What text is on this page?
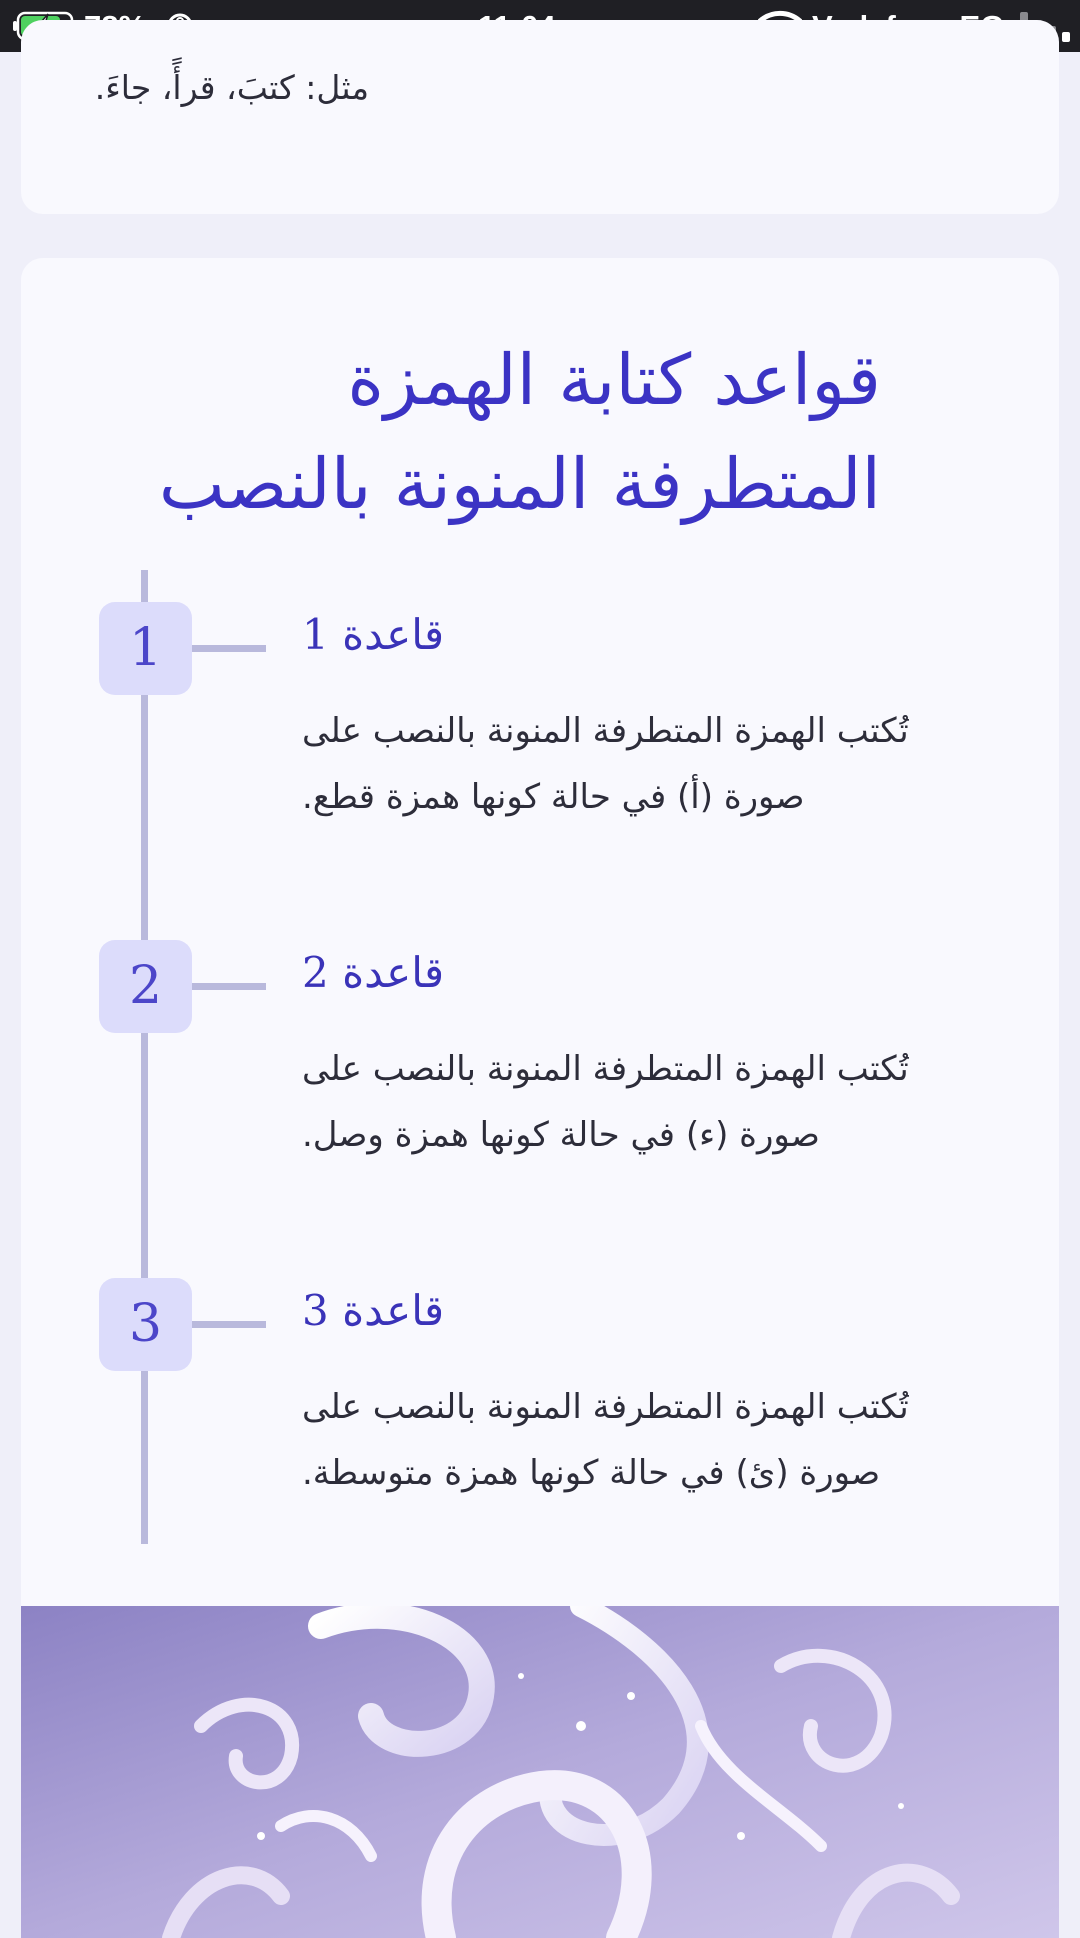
مثل: كتبَ، قرأً، جاءَ.
قواعد كتابة الهمزة المتطرفة المنونة بالنصب
1	قاعدة 1
تُكتب الهمزة المتطرفة المنونة بالنصب على صورة (أ) في حالة كونها همزة قطع.
2	قاعدة 2
تُكتب الهمزة المتطرفة المنونة بالنصب على صورة (ء) في حالة كونها همزة وصل.
3	قاعدة 3
تُكتب الهمزة المتطرفة المنونة بالنصب على صورة (ئ) في حالة كونها همزة متوسطة.
